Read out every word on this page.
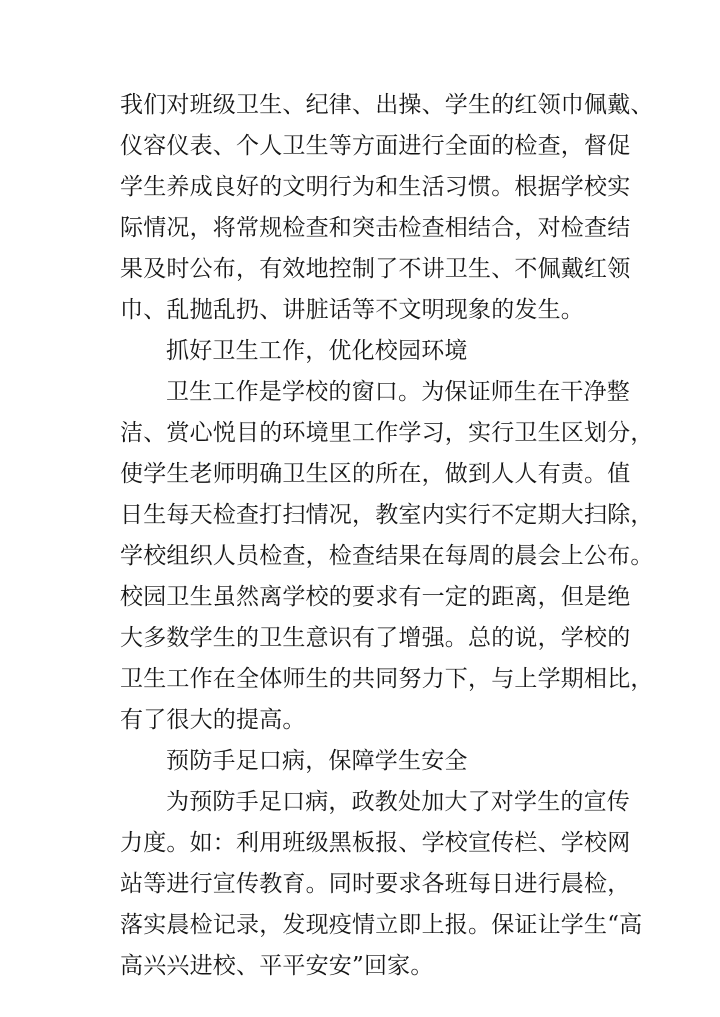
我们对班级卫生、纪律、出操、学生的红领巾佩戴、
仪容仪表、个人卫生等方面进行全面的检查，督促
学生养成良好的文明行为和生活习惯。根据学校实
际情况，将常规检查和突击检查相结合，对检查结
果及时公布，有效地控制了不讲卫生、不佩戴红领
巾、乱抛乱扔、讲脏话等不文明现象的发生。
抓好卫生工作，优化校园环境
卫生工作是学校的窗口。为保证师生在干净整
洁、赏心悦目的环境里工作学习，实行卫生区划分，
使学生老师明确卫生区的所在，做到人人有责。值
日生每天检查打扫情况，教室内实行不定期大扫除，
学校组织人员检查，检查结果在每周的晨会上公布。
校园卫生虽然离学校的要求有一定的距离，但是绝
大多数学生的卫生意识有了增强。总的说，学校的
卫生工作在全体师生的共同努力下，与上学期相比，
有了很大的提高。
预防手足口病，保障学生安全
为预防手足口病，政教处加大了对学生的宣传
力度。如：利用班级黑板报、学校宣传栏、学校网
站等进行宣传教育。同时要求各班每日进行晨检，
落实晨检记录，发现疫情立即上报。保证让学生“高
高兴兴进校、平平安安”回家。
